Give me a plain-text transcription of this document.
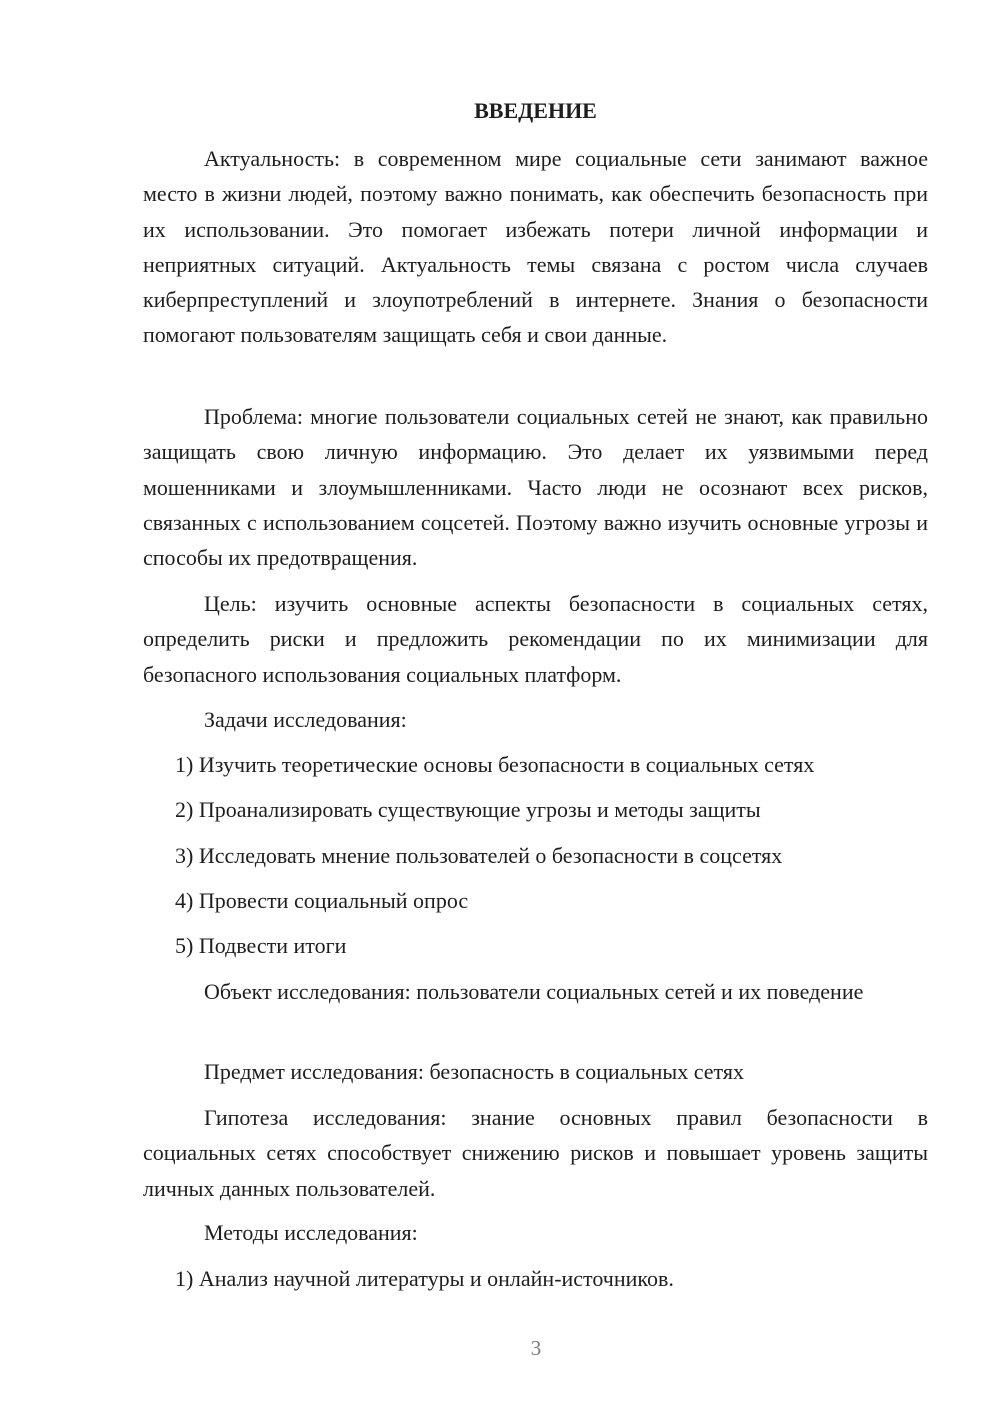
ВВЕДЕНИЕ

Актуальность: в современном мире социальные сети занимают важное место в жизни людей, поэтому важно понимать, как обеспечить безопасность при их использовании. Это помогает избежать потери личной информации и неприятных ситуаций. Актуальность темы связана с ростом числа случаев киберпреступлений и злоупотреблений в интернете. Знания о безопасности помогают пользователям защищать себя и свои данные.

Проблема: многие пользователи социальных сетей не знают, как правильно защищать свою личную информацию. Это делает их уязвимыми перед мошенниками и злоумышленниками. Часто люди не осознают всех рисков, связанных с использованием соцсетей. Поэтому важно изучить основные угрозы и способы их предотвращения.

Цель: изучить основные аспекты безопасности в социальных сетях, определить риски и предложить рекомендации по их минимизации для безопасного использования социальных платформ.

Задачи исследования:

1) Изучить теоретические основы безопасности в социальных сетях

2) Проанализировать существующие угрозы и методы защиты

3) Исследовать мнение пользователей о безопасности в соцсетях

4) Провести социальный опрос

5) Подвести итоги

Объект исследования: пользователи социальных сетей и их поведение

Предмет исследования: безопасность в социальных сетях

Гипотеза исследования: знание основных правил безопасности в социальных сетях способствует снижению рисков и повышает уровень защиты личных данных пользователей.

Методы исследования:

1) Анализ научной литературы и онлайн-источников.

3
